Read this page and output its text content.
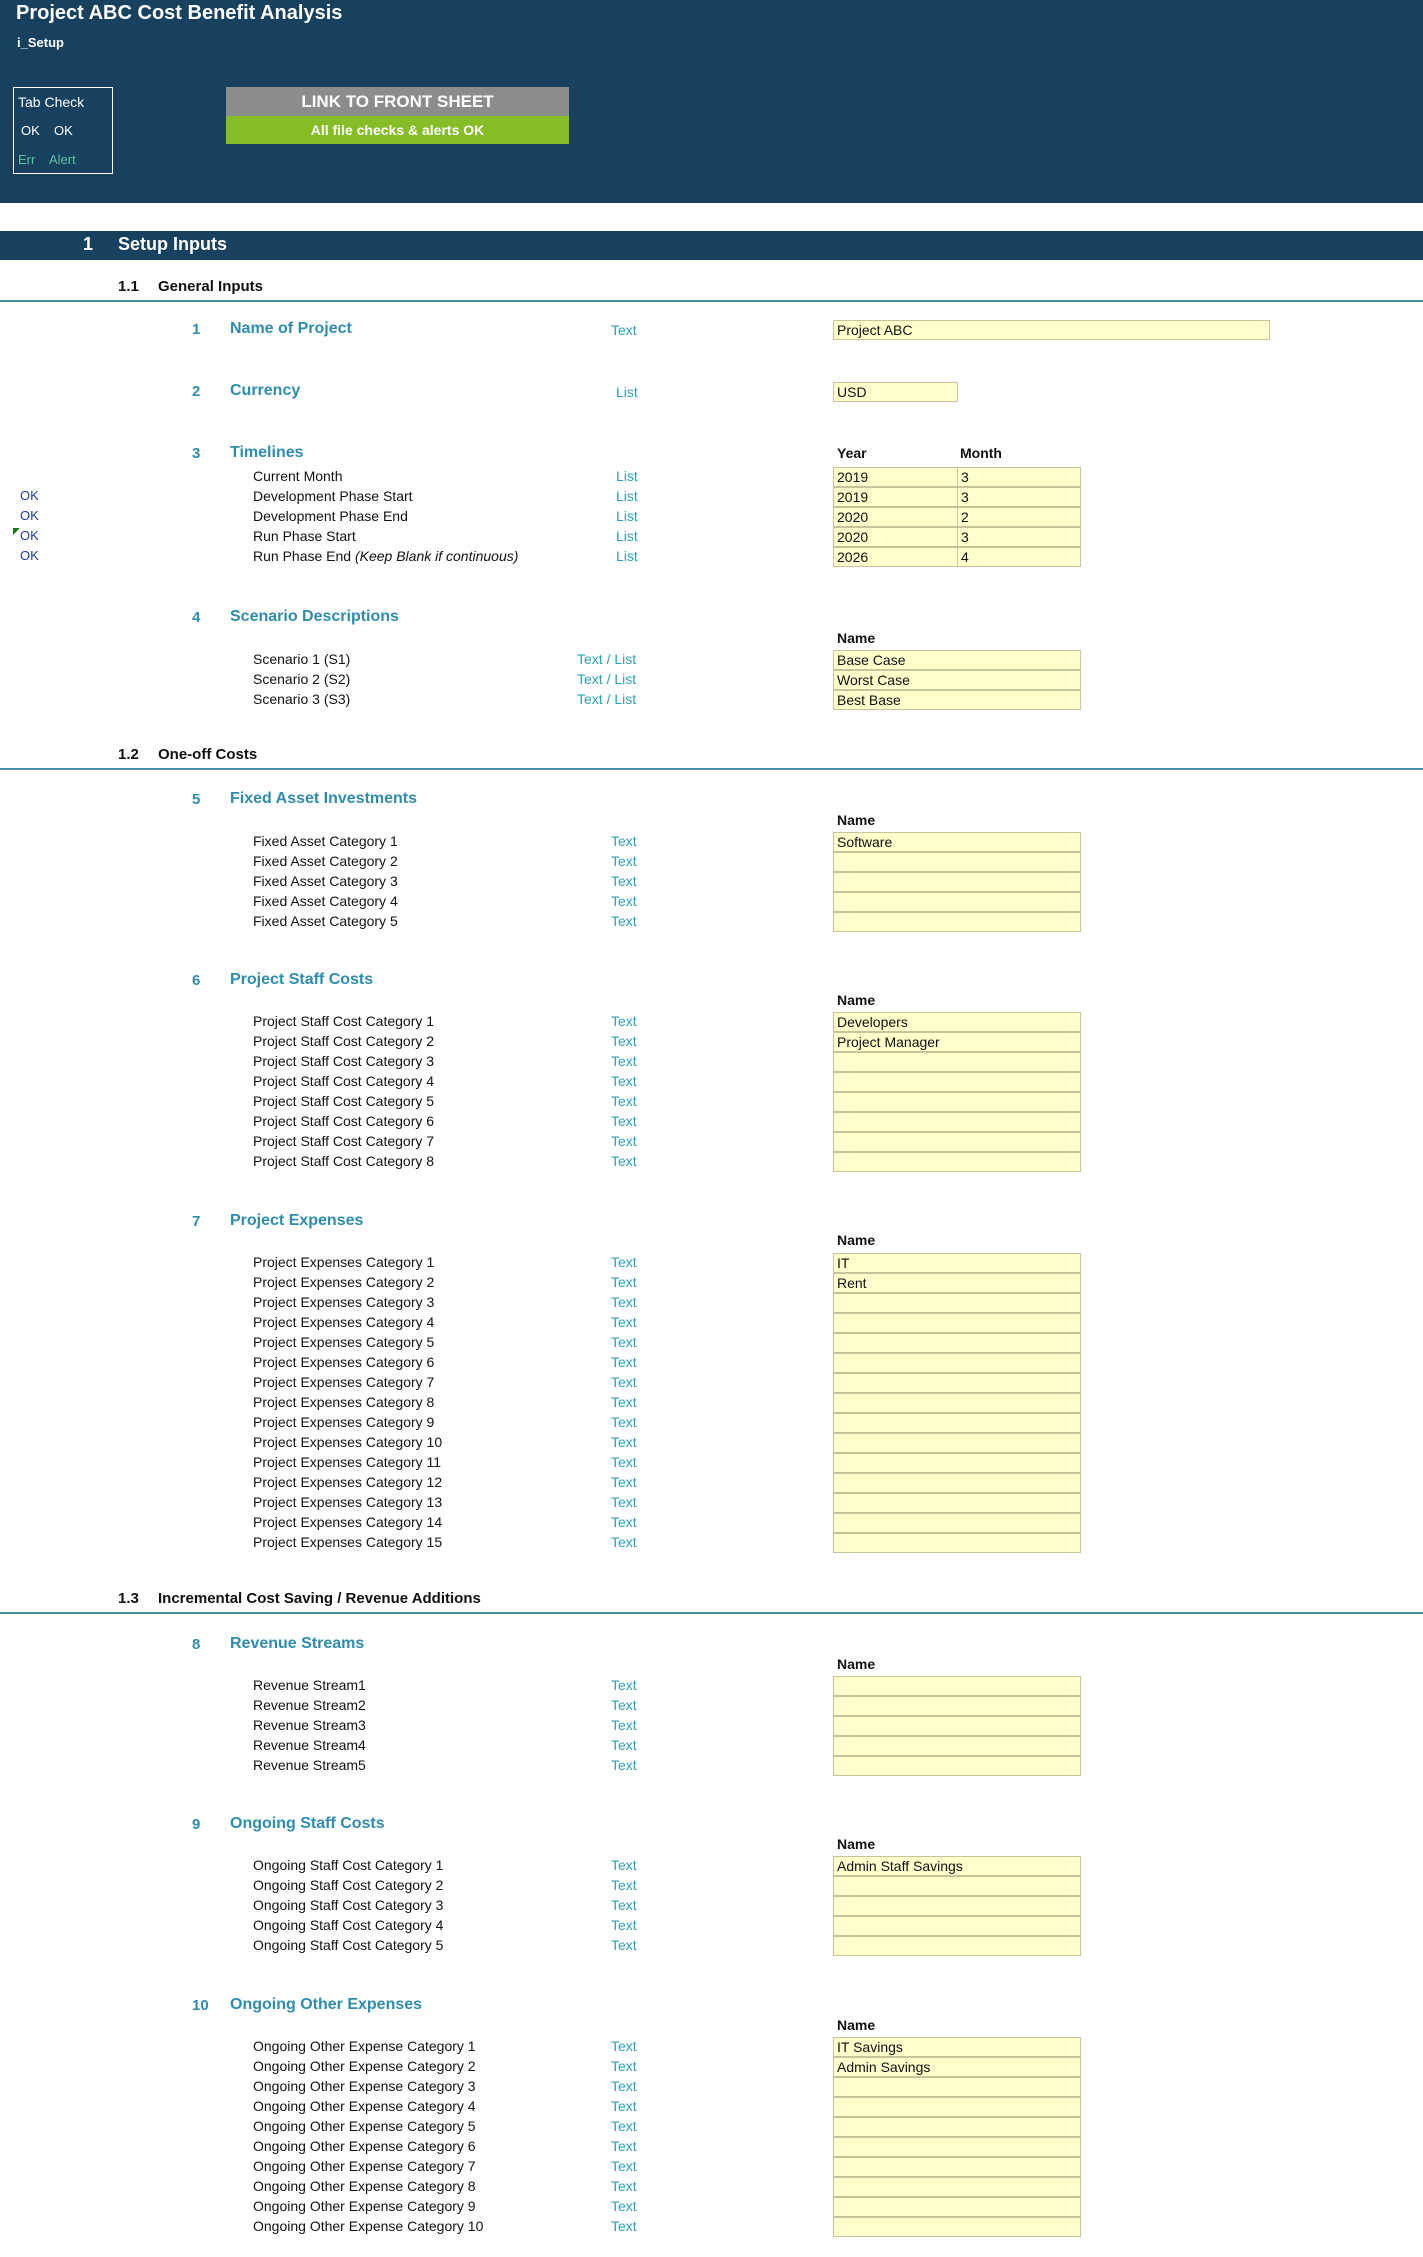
Project ABC Cost Benefit Analysis
i_Setup
Tab Check
OK OK
Err Alert
LINK TO FRONT SHEET
All file checks & alerts OK
1 Setup Inputs
1.1 General Inputs
1.2 One-off Costs
1.3 Incremental Cost Saving / Revenue Additions
1 Name of Project	Text	Project ABC
2 Currency	List	USD
3 Timelines	Year	Month
4 Scenario Descriptions
Name
5 Fixed Asset Investments
Name
6 Project Staff Costs
Name
7 Project Expenses
Name
8 Revenue Streams
Name
9 Ongoing Staff Costs
Name
10 Ongoing Other Expenses
Name
Current Month	List	2019	3
OK	Development Phase Start	List	2019	3
OK	Development Phase End	List	2020	2
OK	Run Phase Start	List	2020	3
OK	Run Phase End (Keep Blank if continuous)	List	2026	4
Scenario 1 (S1)	Text / List	Base Case
Scenario 2 (S2)	Text / List	Worst Case
Scenario 3 (S3)	Text / List	Best Base
Fixed Asset Category 1	Text	Software
Fixed Asset Category 2	Text
Fixed Asset Category 3	Text
Fixed Asset Category 4	Text
Fixed Asset Category 5	Text
Project Staff Cost Category 1	Text	Developers
Project Staff Cost Category 2	Text	Project Manager
Project Staff Cost Category 3	Text
Project Staff Cost Category 4	Text
Project Staff Cost Category 5	Text
Project Staff Cost Category 6	Text
Project Staff Cost Category 7	Text
Project Staff Cost Category 8	Text
Project Expenses Category 1	Text	IT
Project Expenses Category 2	Text	Rent
Project Expenses Category 3	Text
Project Expenses Category 4	Text
Project Expenses Category 5	Text
Project Expenses Category 6	Text
Project Expenses Category 7	Text
Project Expenses Category 8	Text
Project Expenses Category 9	Text
Project Expenses Category 10	Text
Project Expenses Category 11	Text
Project Expenses Category 12	Text
Project Expenses Category 13	Text
Project Expenses Category 14	Text
Project Expenses Category 15	Text
Revenue Stream1	Text
Revenue Stream2	Text
Revenue Stream3	Text
Revenue Stream4	Text
Revenue Stream5	Text
Ongoing Staff Cost Category 1	Text	Admin Staff Savings
Ongoing Staff Cost Category 2	Text
Ongoing Staff Cost Category 3	Text
Ongoing Staff Cost Category 4	Text
Ongoing Staff Cost Category 5	Text
Ongoing Other Expense Category 1	Text	IT Savings
Ongoing Other Expense Category 2	Text	Admin Savings
Ongoing Other Expense Category 3	Text
Ongoing Other Expense Category 4	Text
Ongoing Other Expense Category 5	Text
Ongoing Other Expense Category 6	Text
Ongoing Other Expense Category 7	Text
Ongoing Other Expense Category 8	Text
Ongoing Other Expense Category 9	Text
Ongoing Other Expense Category 10	Text
